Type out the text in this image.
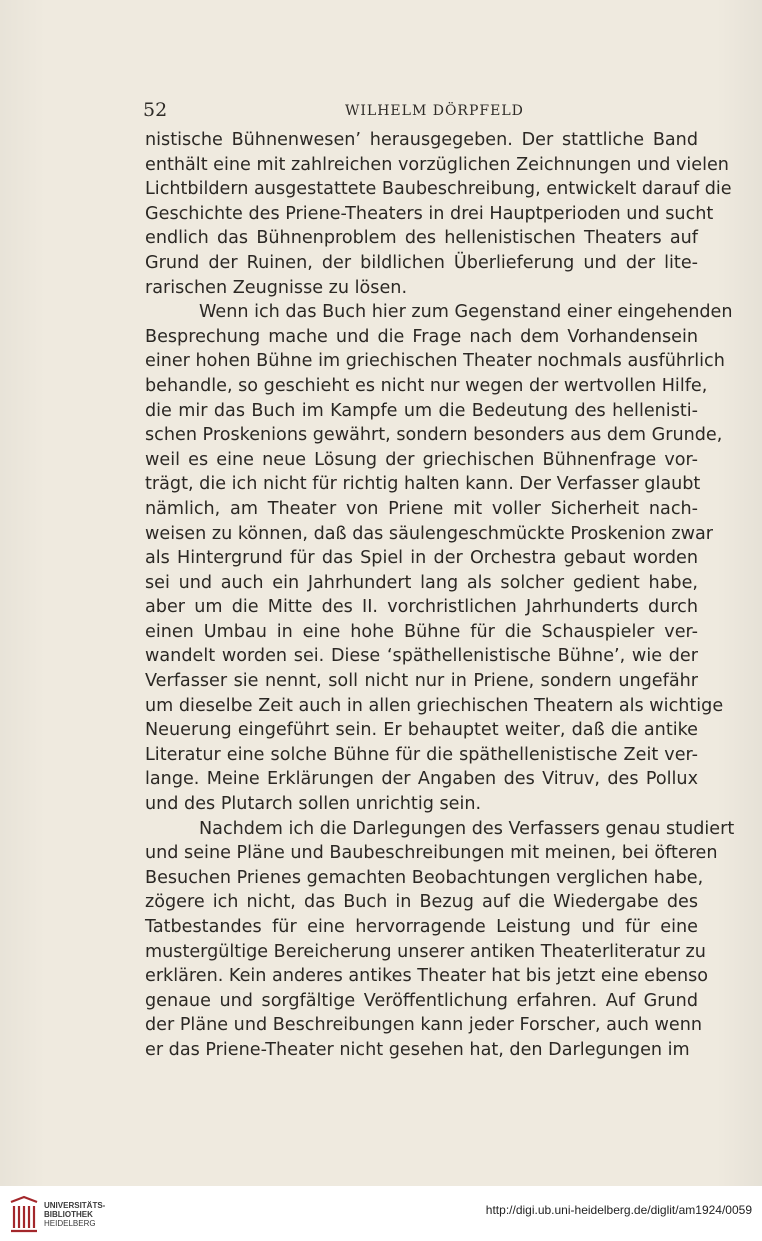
52	WILHELM DÖRPFELD
nistische Bühnenwesen’ herausgegeben. Der stattliche Band
enthält eine mit zahlreichen vorzüglichen Zeichnungen und vielen
Lichtbildern ausgestattete Baubeschreibung, entwickelt darauf die
Geschichte des Priene-Theaters in drei Hauptperioden und sucht
endlich das Bühnenproblem des hellenistischen Theaters auf
Grund der Ruinen, der bildlichen Überlieferung und der lite-
rarischen Zeugnisse zu lösen.
Wenn ich das Buch hier zum Gegenstand einer eingehenden
Besprechung mache und die Frage nach dem Vorhandensein
einer hohen Bühne im griechischen Theater nochmals ausführlich
behandle, so geschieht es nicht nur wegen der wertvollen Hilfe,
die mir das Buch im Kampfe um die Bedeutung des hellenisti-
schen Proskenions gewährt, sondern besonders aus dem Grunde,
weil es eine neue Lösung der griechischen Bühnenfrage vor-
trägt, die ich nicht für richtig halten kann. Der Verfasser glaubt
nämlich, am Theater von Priene mit voller Sicherheit nach-
weisen zu können, daß das säulengeschmückte Proskenion zwar
als Hintergrund für das Spiel in der Orchestra gebaut worden
sei und auch ein Jahrhundert lang als solcher gedient habe,
aber um die Mitte des II. vorchristlichen Jahrhunderts durch
einen Umbau in eine hohe Bühne für die Schauspieler ver-
wandelt worden sei. Diese ‘späthellenistische Bühne’, wie der
Verfasser sie nennt, soll nicht nur in Priene, sondern ungefähr
um dieselbe Zeit auch in allen griechischen Theatern als wichtige
Neuerung eingeführt sein. Er behauptet weiter, daß die antike
Literatur eine solche Bühne für die späthellenistische Zeit ver-
lange. Meine Erklärungen der Angaben des Vitruv, des Pollux
und des Plutarch sollen unrichtig sein.
Nachdem ich die Darlegungen des Verfassers genau studiert
und seine Pläne und Baubeschreibungen mit meinen, bei öfteren
Besuchen Prienes gemachten Beobachtungen verglichen habe,
zögere ich nicht, das Buch in Bezug auf die Wiedergabe des
Tatbestandes für eine hervorragende Leistung und für eine
mustergültige Bereicherung unserer antiken Theaterliteratur zu
erklären. Kein anderes antikes Theater hat bis jetzt eine ebenso
genaue und sorgfältige Veröffentlichung erfahren. Auf Grund
der Pläne und Beschreibungen kann jeder Forscher, auch wenn
er das Priene-Theater nicht gesehen hat, den Darlegungen im
UNIVERSITÄTS-
BIBLIOTHEK
HEIDELBERG
http://digi.ub.uni-heidelberg.de/diglit/am1924/0059
